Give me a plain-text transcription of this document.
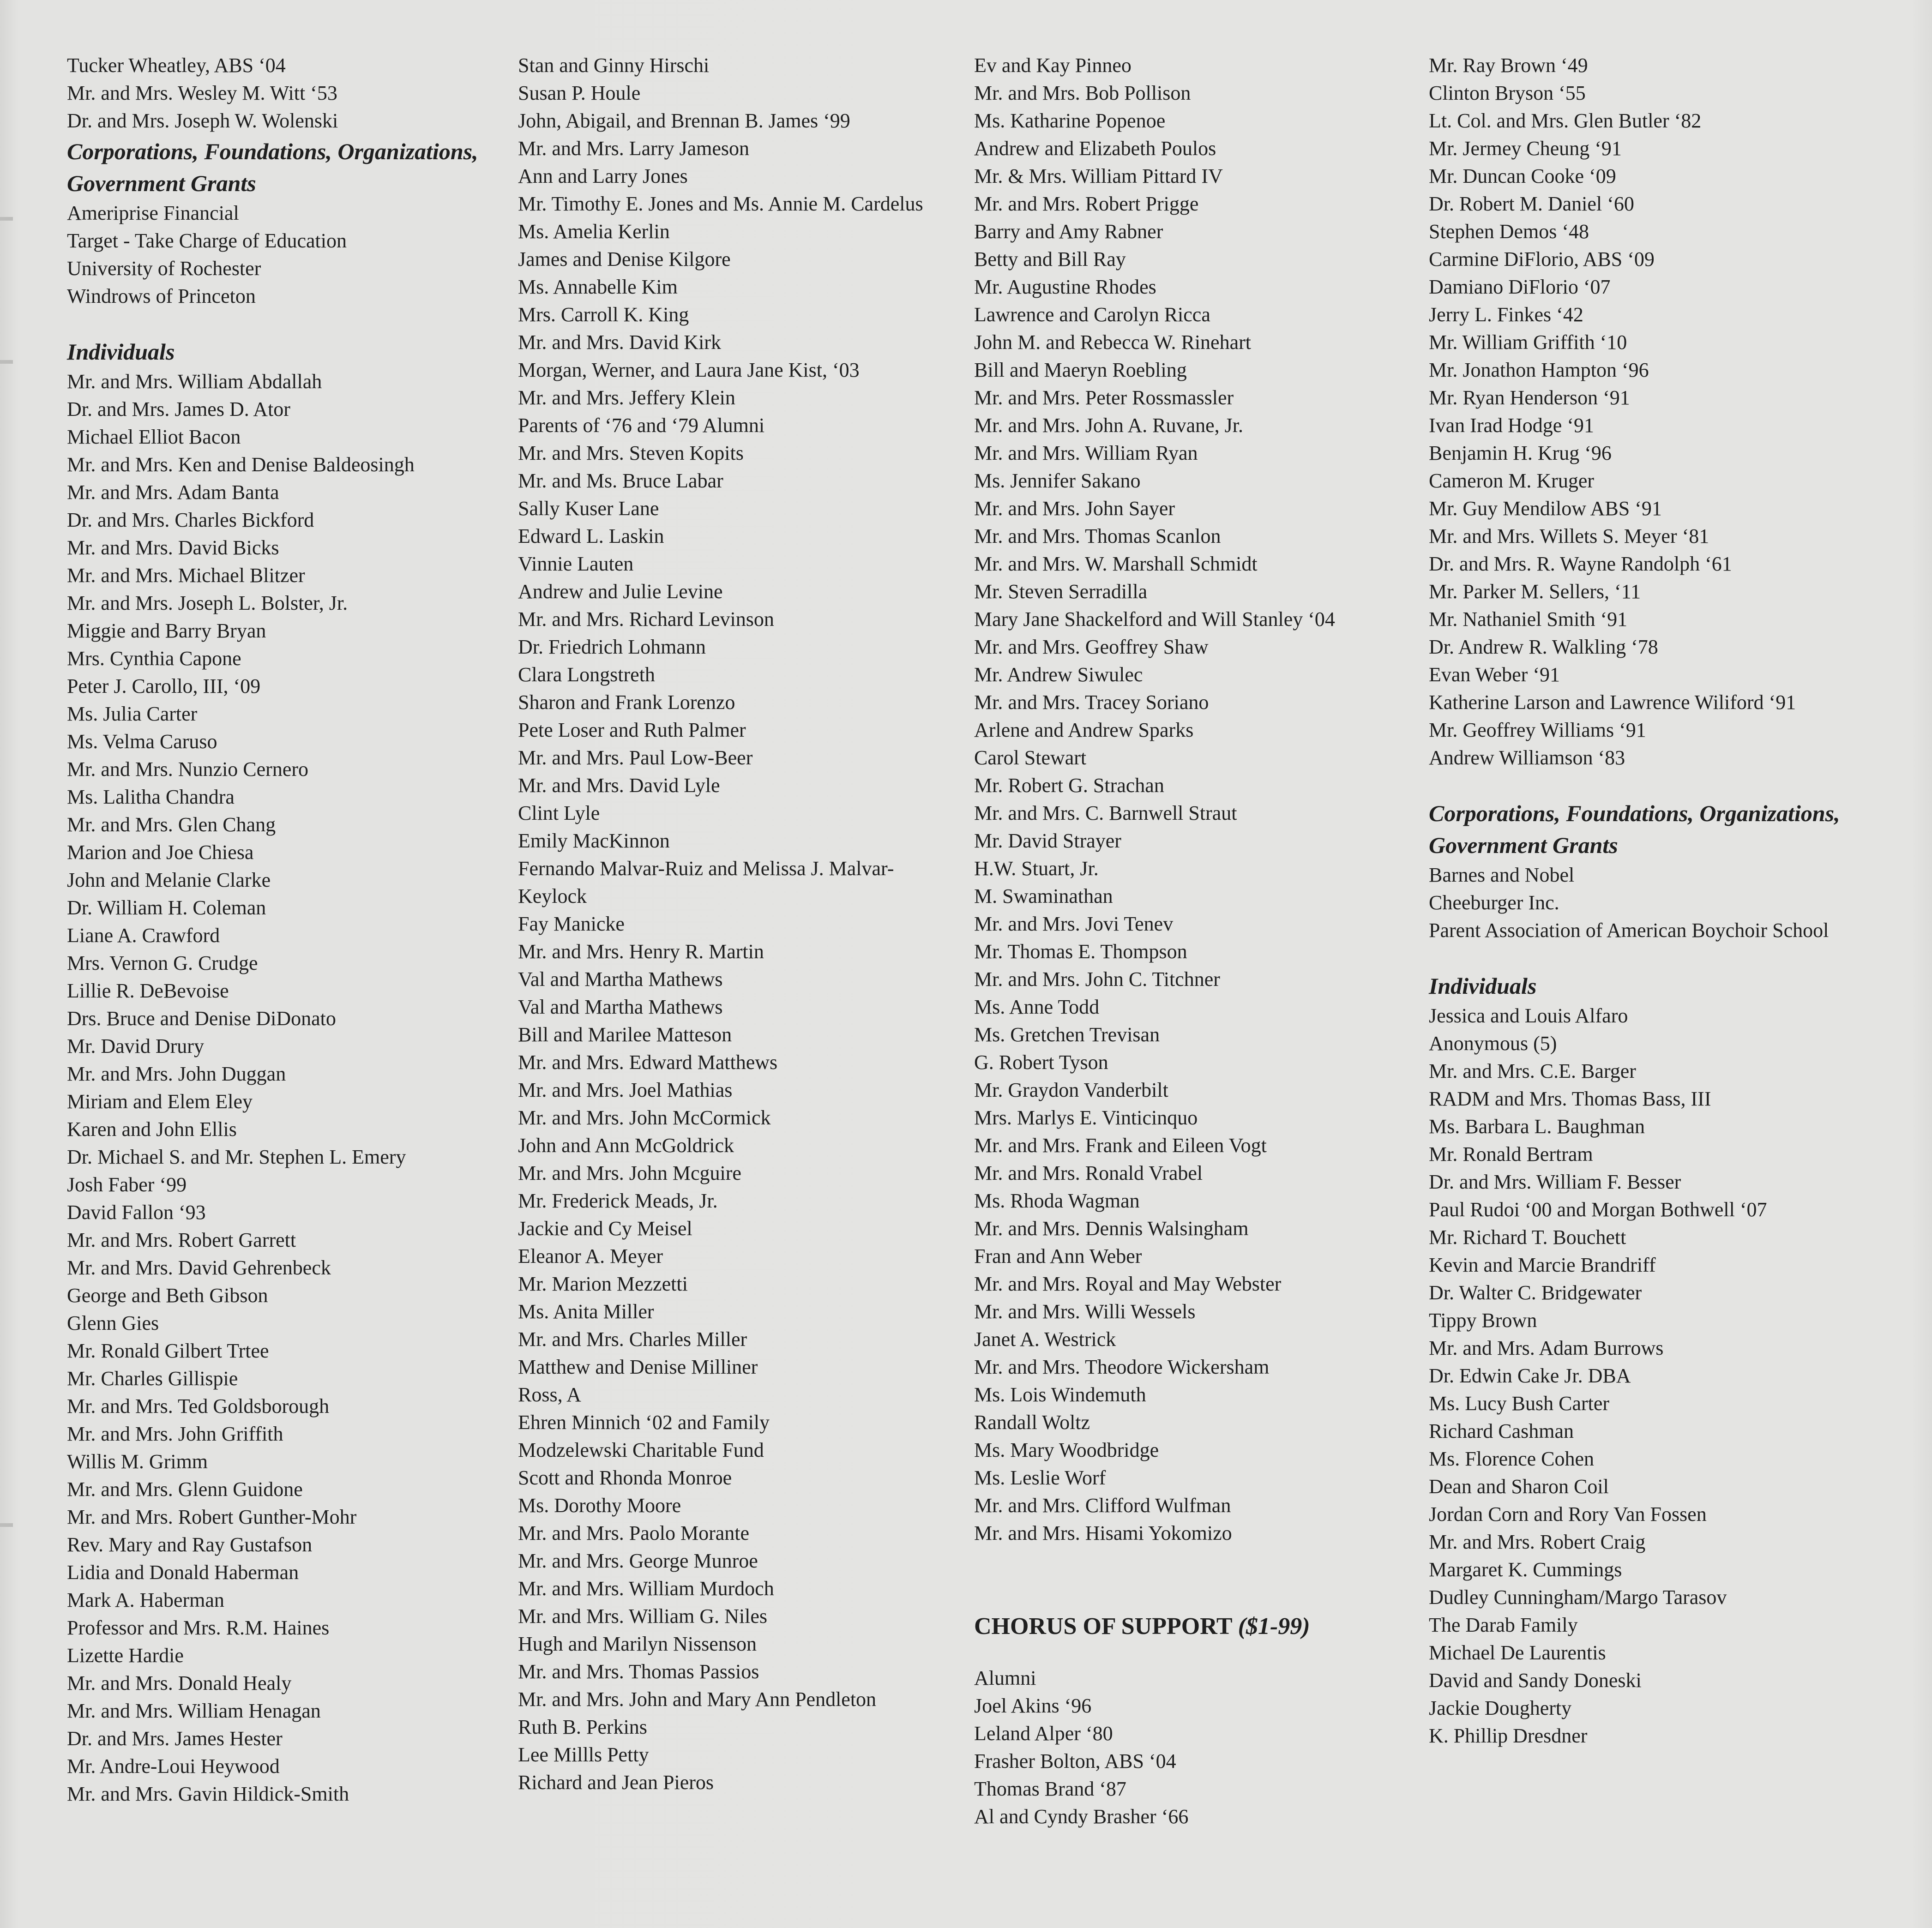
Tucker Wheatley, ABS ‘04
Mr. and Mrs. Wesley M. Witt ‘53
Dr. and Mrs. Joseph W. Wolenski
Corporations, Foundations, Organizations, Government Grants
Ameriprise Financial
Target - Take Charge of Education
University of Rochester
Windrows of Princeton
Individuals
Mr. and Mrs. William Abdallah
Dr. and Mrs. James D. Ator
Michael Elliot Bacon
Mr. and Mrs. Ken and Denise Baldeosingh
Mr. and Mrs. Adam Banta
Dr. and Mrs. Charles Bickford
Mr. and Mrs. David Bicks
Mr. and Mrs. Michael Blitzer
Mr. and Mrs. Joseph L. Bolster, Jr.
Miggie and Barry Bryan
Mrs. Cynthia Capone
Peter J. Carollo, III, ‘09
Ms. Julia Carter
Ms. Velma Caruso
Mr. and Mrs. Nunzio Cernero
Ms. Lalitha Chandra
Mr. and Mrs. Glen Chang
Marion and Joe Chiesa
John and Melanie Clarke
Dr. William H. Coleman
Liane A. Crawford
Mrs. Vernon G. Crudge
Lillie R. DeBevoise
Drs. Bruce and Denise DiDonato
Mr. David Drury
Mr. and Mrs. John Duggan
Miriam and Elem Eley
Karen and John Ellis
Dr. Michael S. and Mr. Stephen L. Emery
Josh Faber ‘99
David Fallon ‘93
Mr. and Mrs. Robert Garrett
Mr. and Mrs. David Gehrenbeck
George and Beth Gibson
Glenn Gies
Mr. Ronald Gilbert Trtee
Mr. Charles Gillispie
Mr. and Mrs. Ted Goldsborough
Mr. and Mrs. John Griffith
Willis M. Grimm
Mr. and Mrs. Glenn Guidone
Mr. and Mrs. Robert Gunther-Mohr
Rev. Mary and Ray Gustafson
Lidia and Donald Haberman
Mark A. Haberman
Professor and Mrs. R.M. Haines
Lizette Hardie
Mr. and Mrs. Donald Healy
Mr. and Mrs. William Henagan
Dr. and Mrs. James Hester
Mr. Andre-Loui Heywood
Mr. and Mrs. Gavin Hildick-Smith
Stan and Ginny Hirschi
Susan P. Houle
John, Abigail, and Brennan B. James ‘99
Mr. and Mrs. Larry Jameson
Ann and Larry Jones
Mr. Timothy E. Jones and Ms. Annie M. Cardelus
Ms. Amelia Kerlin
James and Denise Kilgore
Ms. Annabelle Kim
Mrs. Carroll K. King
Mr. and Mrs. David Kirk
Morgan, Werner, and Laura Jane Kist, ‘03
Mr. and Mrs. Jeffery Klein
Parents of ‘76 and ‘79 Alumni
Mr. and Mrs. Steven Kopits
Mr. and Ms. Bruce Labar
Sally Kuser Lane
Edward L. Laskin
Vinnie Lauten
Andrew and Julie Levine
Mr. and Mrs. Richard Levinson
Dr. Friedrich Lohmann
Clara Longstreth
Sharon and Frank Lorenzo
Pete Loser and Ruth Palmer
Mr. and Mrs. Paul Low-Beer
Mr. and Mrs. David Lyle
Clint Lyle
Emily MacKinnon
Fernando Malvar-Ruiz and Melissa J. Malvar-Keylock
Fay Manicke
Mr. and Mrs. Henry R. Martin
Val and Martha Mathews
Val and Martha Mathews
Bill and Marilee Matteson
Mr. and Mrs. Edward Matthews
Mr. and Mrs. Joel Mathias
Mr. and Mrs. John McCormick
John and Ann McGoldrick
Mr. and Mrs. John Mcguire
Mr. Frederick Meads, Jr.
Jackie and Cy Meisel
Eleanor A. Meyer
Mr. Marion Mezzetti
Ms. Anita Miller
Mr. and Mrs. Charles Miller
Matthew and Denise Milliner
Ross, A
Ehren Minnich ‘02 and Family
Modzelewski Charitable Fund
Scott and Rhonda Monroe
Ms. Dorothy Moore
Mr. and Mrs. Paolo Morante
Mr. and Mrs. George Munroe
Mr. and Mrs. William Murdoch
Mr. and Mrs. William G. Niles
Hugh and Marilyn Nissenson
Mr. and Mrs. Thomas Passios
Mr. and Mrs. John and Mary Ann Pendleton
Ruth B. Perkins
Lee Millls Petty
Richard and Jean Pieros
Ev and Kay Pinneo
Mr. and Mrs. Bob Pollison
Ms. Katharine Popenoe
Andrew and Elizabeth Poulos
Mr. & Mrs. William Pittard IV
Mr. and Mrs. Robert Prigge
Barry and Amy Rabner
Betty and Bill Ray
Mr. Augustine Rhodes
Lawrence and Carolyn Ricca
John M. and Rebecca W. Rinehart
Bill and Maeryn Roebling
Mr. and Mrs. Peter Rossmassler
Mr. and Mrs. John A. Ruvane, Jr.
Mr. and Mrs. William Ryan
Ms. Jennifer Sakano
Mr. and Mrs. John Sayer
Mr. and Mrs. Thomas Scanlon
Mr. and Mrs. W. Marshall Schmidt
Mr. Steven Serradilla
Mary Jane Shackelford and Will Stanley ‘04
Mr. and Mrs. Geoffrey Shaw
Mr. Andrew Siwulec
Mr. and Mrs. Tracey Soriano
Arlene and Andrew Sparks
Carol Stewart
Mr. Robert G. Strachan
Mr. and Mrs. C. Barnwell Straut
Mr. David Strayer
H.W. Stuart, Jr.
M. Swaminathan
Mr. and Mrs. Jovi Tenev
Mr. Thomas E. Thompson
Mr. and Mrs. John C. Titchner
Ms. Anne Todd
Ms. Gretchen Trevisan
G. Robert Tyson
Mr. Graydon Vanderbilt
Mrs. Marlys E. Vinticinquo
Mr. and Mrs. Frank and Eileen Vogt
Mr. and Mrs. Ronald Vrabel
Ms. Rhoda Wagman
Mr. and Mrs. Dennis Walsingham
Fran and Ann Weber
Mr. and Mrs. Royal and May Webster
Mr. and Mrs. Willi Wessels
Janet A. Westrick
Mr. and Mrs. Theodore Wickersham
Ms. Lois Windemuth
Randall Woltz
Ms. Mary Woodbridge
Ms. Leslie Worf
Mr. and Mrs. Clifford Wulfman
Mr. and Mrs. Hisami Yokomizo
CHORUS OF SUPPORT ($1-99)
Alumni
Joel Akins ‘96
Leland Alper ‘80
Frasher Bolton, ABS ‘04
Thomas Brand ‘87
Al and Cyndy Brasher ‘66
Mr. Ray Brown ‘49
Clinton Bryson ‘55
Lt. Col. and Mrs. Glen Butler ‘82
Mr. Jermey Cheung ‘91
Mr. Duncan Cooke ‘09
Dr. Robert M. Daniel ‘60
Stephen Demos ‘48
Carmine DiFlorio, ABS ‘09
Damiano DiFlorio ‘07
Jerry L. Finkes ‘42
Mr. William Griffith ‘10
Mr. Jonathon Hampton ‘96
Mr. Ryan Henderson ‘91
Ivan Irad Hodge ‘91
Benjamin H. Krug ‘96
Cameron M. Kruger
Mr. Guy Mendilow ABS ‘91
Mr. and Mrs. Willets S. Meyer ‘81
Dr. and Mrs. R. Wayne Randolph ‘61
Mr. Parker M. Sellers, ‘11
Mr. Nathaniel Smith ‘91
Dr. Andrew R. Walkling ‘78
Evan Weber ‘91
Katherine Larson and Lawrence Wiliford ‘91
Mr. Geoffrey Williams ‘91
Andrew Williamson ‘83
Corporations, Foundations, Organizations, Government Grants
Barnes and Nobel
Cheeburger Inc.
Parent Association of American Boychoir School
Individuals
Jessica and Louis Alfaro
Anonymous (5)
Mr. and Mrs. C.E. Barger
RADM and Mrs. Thomas Bass, III
Ms. Barbara L. Baughman
Mr. Ronald Bertram
Dr. and Mrs. William F. Besser
Paul Rudoi ‘00 and Morgan Bothwell ‘07
Mr. Richard T. Bouchett
Kevin and Marcie Brandriff
Dr. Walter C. Bridgewater
Tippy Brown
Mr. and Mrs. Adam Burrows
Dr. Edwin Cake Jr. DBA
Ms. Lucy Bush Carter
Richard Cashman
Ms. Florence Cohen
Dean and Sharon Coil
Jordan Corn and Rory Van Fossen
Mr. and Mrs. Robert Craig
Margaret K. Cummings
Dudley Cunningham/Margo Tarasov
The Darab Family
Michael De Laurentis
David and Sandy Doneski
Jackie Dougherty
K. Phillip Dresdner
